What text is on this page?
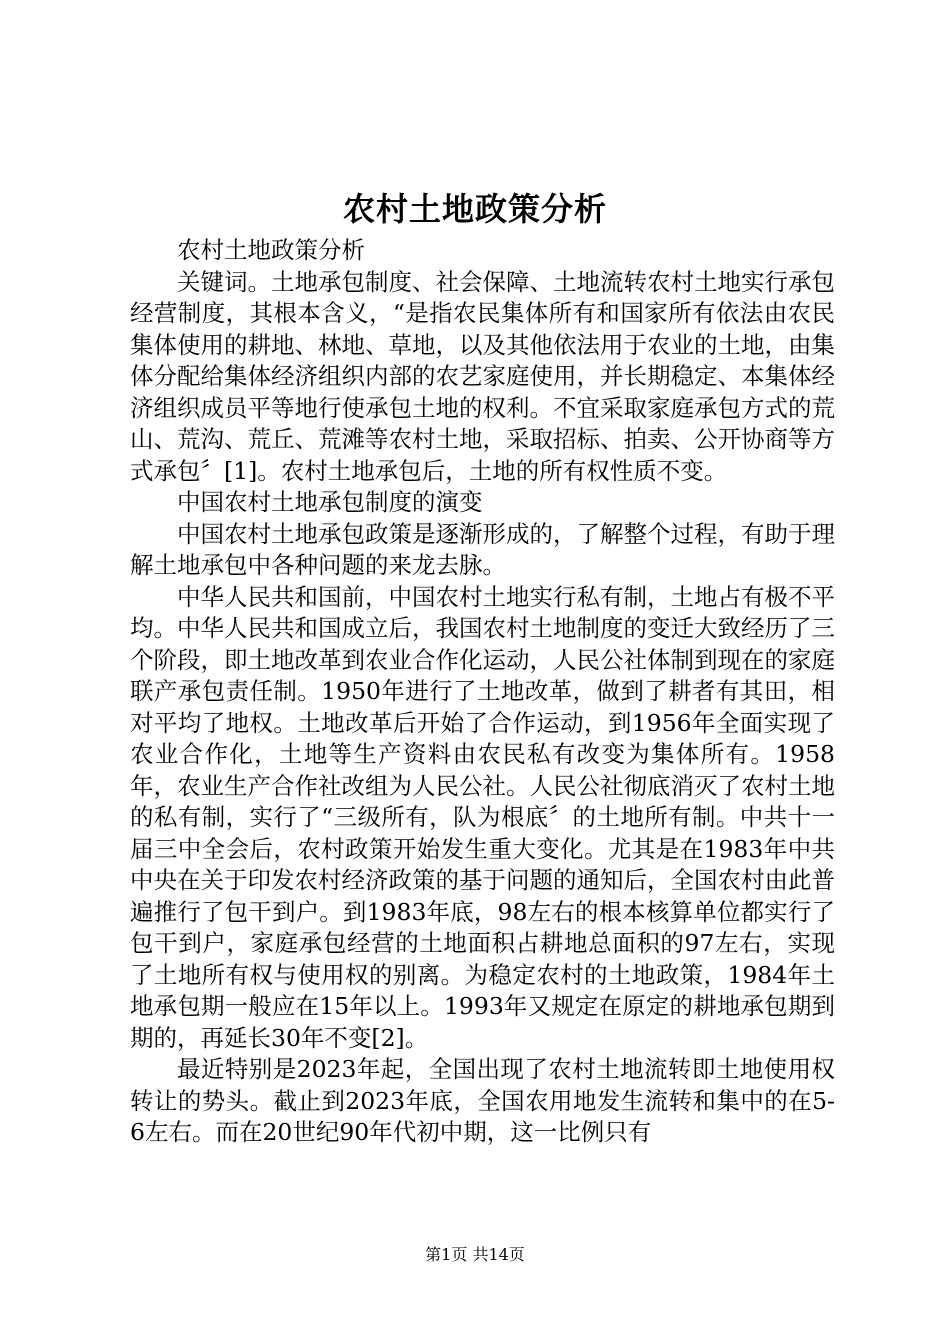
农村土地政策分析

农村土地政策分析

关键词。土地承包制度、社会保障、土地流转农村土地实行承包经营制度，其根本含义，“是指农民集体所有和国家所有依法由农民集体使用的耕地、林地、草地，以及其他依法用于农业的土地，由集体分配给集体经济组织内部的农艺家庭使用，并长期稳定、本集体经济组织成员平等地行使承包土地的权利。不宜采取家庭承包方式的荒山、荒沟、荒丘、荒滩等农村土地，采取招标、拍卖、公开协商等方式承包〞[1]。农村土地承包后，土地的所有权性质不变。

中国农村土地承包制度的演变

中国农村土地承包政策是逐渐形成的，了解整个过程，有助于理解土地承包中各种问题的来龙去脉。

中华人民共和国前，中国农村土地实行私有制，土地占有极不平均。中华人民共和国成立后，我国农村土地制度的变迁大致经历了三个阶段，即土地改革到农业合作化运动，人民公社体制到现在的家庭联产承包责任制。1950年进行了土地改革，做到了耕者有其田，相对平均了地权。土地改革后开始了合作运动，到1956年全面实现了农业合作化，土地等生产资料由农民私有改变为集体所有。1958年，农业生产合作社改组为人民公社。人民公社彻底消灭了农村土地的私有制，实行了“三级所有，队为根底〞的土地所有制。中共十一届三中全会后，农村政策开始发生重大变化。尤其是在1983年中共中央在关于印发农村经济政策的基于问题的通知后，全国农村由此普遍推行了包干到户。到1983年底，98左右的根本核算单位都实行了包干到户，家庭承包经营的土地面积占耕地总面积的97左右，实现了土地所有权与使用权的别离。为稳定农村的土地政策，1984年土地承包期一般应在15年以上。1993年又规定在原定的耕地承包期到期的，再延长30年不变[2]。

最近特别是2023年起，全国出现了农村土地流转即土地使用权转让的势头。截止到2023年底，全国农用地发生流转和集中的在5-6左右。而在20世纪90年代初中期，这一比例只有

第1页 共14页
